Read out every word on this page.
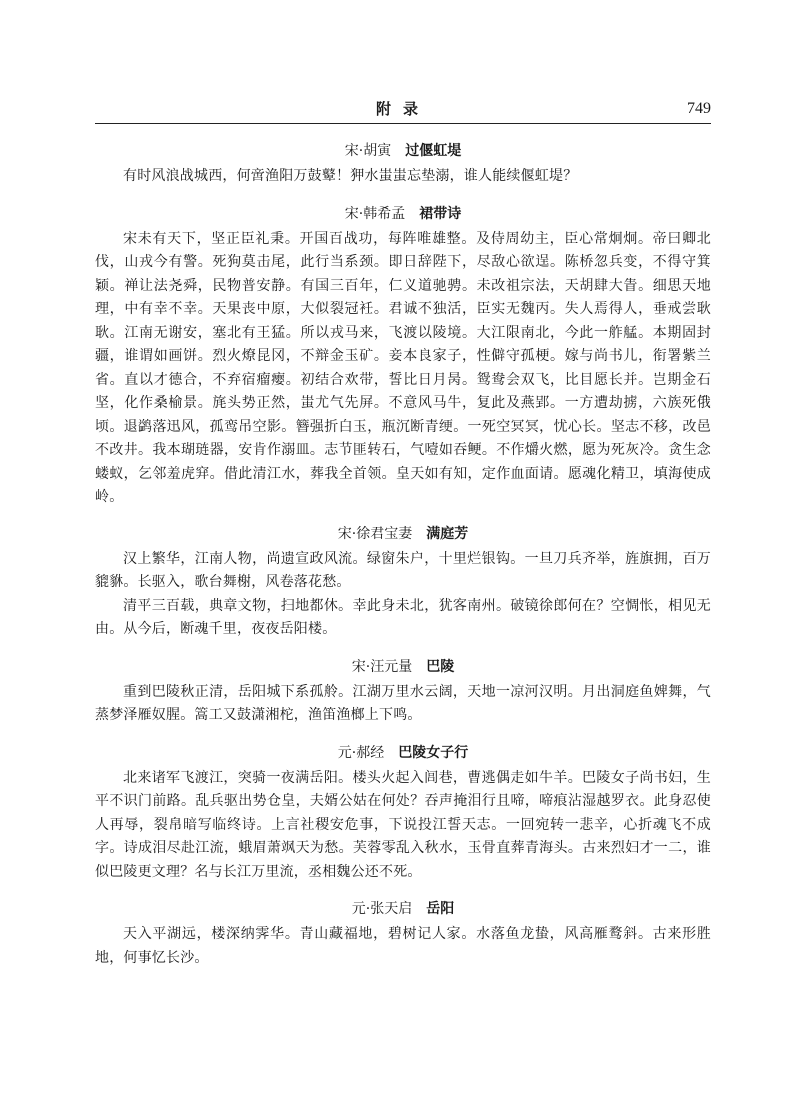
附录	749
宋·胡寅 过偃虹堤

有时风浪战城西，何啻渔阳万鼓鼙！狎水蚩蚩忘垫溺，谁人能续偃虹堤？

宋·韩希孟 裙带诗

宋未有天下，坚正臣礼秉。开国百战功，每阵唯雄整。及侍周幼主，臣心常炯炯。帝曰卿北伐，山戎今有警。死狗莫击尾，此行当系颈。即日辞陛下，尽敌心欲逞。陈桥忽兵变，不得守箕颖。禅让法尧舜，民物普安静。有国三百年，仁义道驰骋。未改祖宗法，天胡肆大眚。细思天地理，中有幸不幸。天果丧中原，大似裂冠衽。君诚不独活，臣实无魏丙。失人焉得人，垂戒尝耿耿。江南无谢安，塞北有王猛。所以戎马来，飞渡以陵境。大江限南北，今此一舴艋。本期固封疆，谁谓如画饼。烈火燎昆冈，不辩金玉矿。妾本良家子，性僻守孤梗。嫁与尚书儿，衔署紫兰省。直以才德合，不弃宿瘤瘿。初结合欢带，誓比日月昺。鸳鸯会双飞，比目愿长并。岂期金石坚，化作桑榆景。旄头势正然，蚩尤气先屏。不意风马牛，复此及燕郢。一方遭劫掳，六族死俄顷。退鹢落迅风，孤鸾吊空影。簪强折白玉，瓶沉断青绠。一死空冥冥，忧心长。坚志不移，改邑不改井。我本瑚琏器，安肯作溺皿。志节匪转石，气噎如吞鲠。不作爝火燃，愿为死灰冷。贪生念蝼蚁，乞邻羞虎穽。借此清江水，葬我全首领。皇天如有知，定作血面请。愿魂化精卫，填海使成岭。

宋·徐君宝妻 满庭芳

汉上繁华，江南人物，尚遗宣政风流。绿窗朱户，十里烂银钩。一旦刀兵齐举，旌旗拥，百万貔貅。长驱入，歌台舞榭，风卷落花愁。

清平三百载，典章文物，扫地都休。幸此身未北，犹客南州。破镜徐郎何在？空惆怅，相见无由。从今后，断魂千里，夜夜岳阳楼。

宋·汪元量 巴陵

重到巴陵秋正清，岳阳城下系孤舲。江湖万里水云阔，天地一凉河汉明。月出洞庭鱼婢舞，气蒸梦泽雁奴腥。篙工又鼓潇湘柁，渔笛渔榔上下鸣。

元·郝经 巴陵女子行

北来诸军飞渡江，突骑一夜满岳阳。楼头火起入闾巷，曹逃偶走如牛羊。巴陵女子尚书妇，生平不识门前路。乱兵驱出势仓皇，夫婿公姑在何处？吞声掩泪行且啼，啼痕沾湿越罗衣。此身忍使人再辱，裂帛暗写临终诗。上言社稷安危事，下说投江誓天志。一回宛转一悲辛，心折魂飞不成字。诗成泪尽赴江流，蛾眉萧飒天为愁。芙蓉零乱入秋水，玉骨直葬青海头。古来烈妇才一二，谁似巴陵更文理？名与长江万里流，丞相魏公还不死。

元·张天启 岳阳

天入平湖远，楼深纳霁华。青山藏福地，碧树记人家。水落鱼龙蛰，风高雁鹜斜。古来形胜地，何事忆长沙。
